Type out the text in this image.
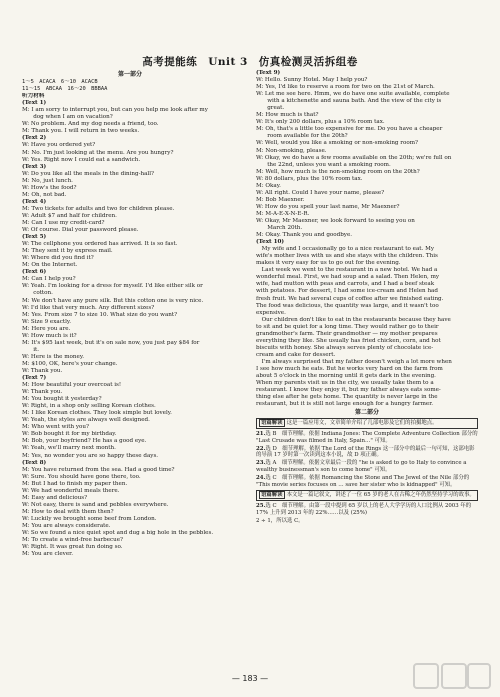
高考提能练　Unit 3　仿真检测灵活拆组卷
第一部分
1～5　ACACA　6～10　ACACB
11～15　ABCAA　16～20　BBBAA
听力材料
(Text 1)
M: I am sorry to interrupt you, but can you help me look after my
　　dog when I am on vacation?
W: No problem. And my dog needs a friend, too.
M: Thank you. I will return in two weeks.
(Text 2)
W: Have you ordered yet?
M: No. I'm just looking at the menu. Are you hungry?
W: Yes. Right now I could eat a sandwich.
(Text 3)
W: Do you like all the meals in the dining-hall?
M: No, just lunch.
W: How's the food?
M: Oh, not bad.
(Text 4)
M: Two tickets for adults and two for children please.
W: Adult $7 and half for children.
M: Can I use my credit-card?
W: Of course. Dial your password please.
(Text 5)
W: The cellphone you ordered has arrived. It is so fast.
M: They sent it by express mail.
W: Where did you find it?
M: On the Internet.
(Text 6)
M: Can I help you?
W: Yeah. I'm looking for a dress for myself. I'd like either silk or
　　cotton.
M: We don't have any pure silk. But this cotton one is very nice.
W: I'd like that very much. Any different sizes?
M: Yes. From size 7 to size 10. What size do you want?
W: Size 9 exactly.
M: Here you are.
W: How much is it?
M: It's $95 last week, but it's on sale now, you just pay $84 for
　　it.
W: Here is the money.
M: $100, OK, here's your change.
W: Thank you.
(Text 7)
M: How beautiful your overcoat is!
W: Thank you.
M: You bought it yesterday?
W: Right, in a shop only selling Korean clothes.
M: I like Korean clothes. They look simple but lovely.
W: Yeah, the styles are always well designed.
M: Who went with you?
W: Bob bought it for my birthday.
M: Bob, your boyfriend? He has a good eye.
W: Yeah, we'll marry next month.
M: Yes, no wonder you are so happy these days.
(Text 8)
M: You have returned from the sea. Had a good time?
W: Sure. You should have gone there, too.
M: But I had to finish my paper then.
W: We had wonderful meals there.
M: Easy and delicious?
W: Not easy, there is sand and pebbles everywhere.
M: How to deal with them then?
W: Luckily we brought some beef from London.
M: You are always considerate.
W: So we found a nice quiet spot and dug a big hole in the pebbles.
M: To create a wind-free barbecue?
W: Right. It was great fun doing so.
M: You are clever.
(Text 9)
W: Hello. Sunny Hotel. May I help you?
M: Yes, I'd like to reserve a room for two on the 21st of March.
W: Let me see here. Hmm, we do have one suite available, complete
　　with a kitchenette and sauna bath. And the view of the city is
　　great.
M: How much is that?
W: It's only 200 dollars, plus a 10% room tax.
M: Oh, that's a little too expensive for me. Do you have a cheaper
　　room available for the 20th?
W: Well, would you like a smoking or non-smoking room?
M: Non-smoking, please.
W: Okay, we do have a few rooms available on the 20th; we're full on
　　the 22nd, unless you want a smoking room.
M: Well, how much is the non-smoking room on the 20th?
W: 80 dollars, plus the 10% room tax.
M: Okay.
W: All right. Could I have your name, please?
M: Bob Maexner.
W: How do you spell your last name, Mr Maexner?
M: M-A-E-X-N-E-R.
W: Okay, Mr Maexner, we look forward to seeing you on
　　March 20th.
M: Okay. Thank you and goodbye.
(Text 10)
　My wife and I occasionally go to a nice restaurant to eat. My
wife's mother lives with us and she stays with the children. This
makes it very easy for us to go out for the evening.
　Last week we went to the restaurant in a new hotel. We had a
wonderful meal. First, we had soup and a salad. Then Helen, my
wife, had mutton with peas and carrots, and I had a beef steak
with potatoes. For dessert, I had some ice-cream and Helen had
fresh fruit. We had several cups of coffee after we finished eating.
The food was delicious, the quantity was large, and it wasn't too
expensive.
　Our children don't like to eat in the restaurants because they have
to sit and be quiet for a long time. They would rather go to their
grandmother's farm. Their grandmother — my mother prepares
everything they like. She usually has fried chicken, corn, and hot
biscuits with honey. She always serves plenty of chocolate ice-
cream and cake for dessert.
　I'm always surprised that my father doesn't weigh a lot more when
I see how much he eats. But he works very hard on the farm from
about 5 o'clock in the morning until it gets dark in the evening.
When my parents visit us in the city, we usually take them to a
restaurant. I know they enjoy it, but my father always eats some-
thing else after he gets home. The quantity is never large in the
restaurant, but it is still not large enough for a hungry farmer.
第二部分
语篇解读 这是一篇应用文，文章简单介绍了几部电影及它们的拍摄地点。
21.选 B　细节理解。依据 Indiana Jones: The Complete Adventure Collection 部分的 "Last Crusade was filmed in Italy, Spain…" 可知。
22.选 D　细节理解。依据 The Lord of the Rings 这一部分中的最后一句可知，这部电影的导演 17 岁时第一次读到这本小说，故 D 项正确。
23.选 A　细节理解。依据文章最后一段的 "he is asked to go to Italy to convince a wealthy businessman's son to come home" 可知。
24.选 C　细节理解。依据 Romancing the Stone and The Jewel of the Nile 部分的 "This movie series focuses on … save her sister who is kidnapped" 可知。
语篇解读 本文是一篇记叙文，讲述了一位 65 岁的老人在古稀之年仍然坚持学习的故事。
25.选 C　细节理解。由第一段中提到 65 岁以上的老人大学学历的人口比例从 2003 年的 17% 上升到 2013 年的 22%……以及 (25%)
2 ÷ 1，所以选 C。
— 183 —
